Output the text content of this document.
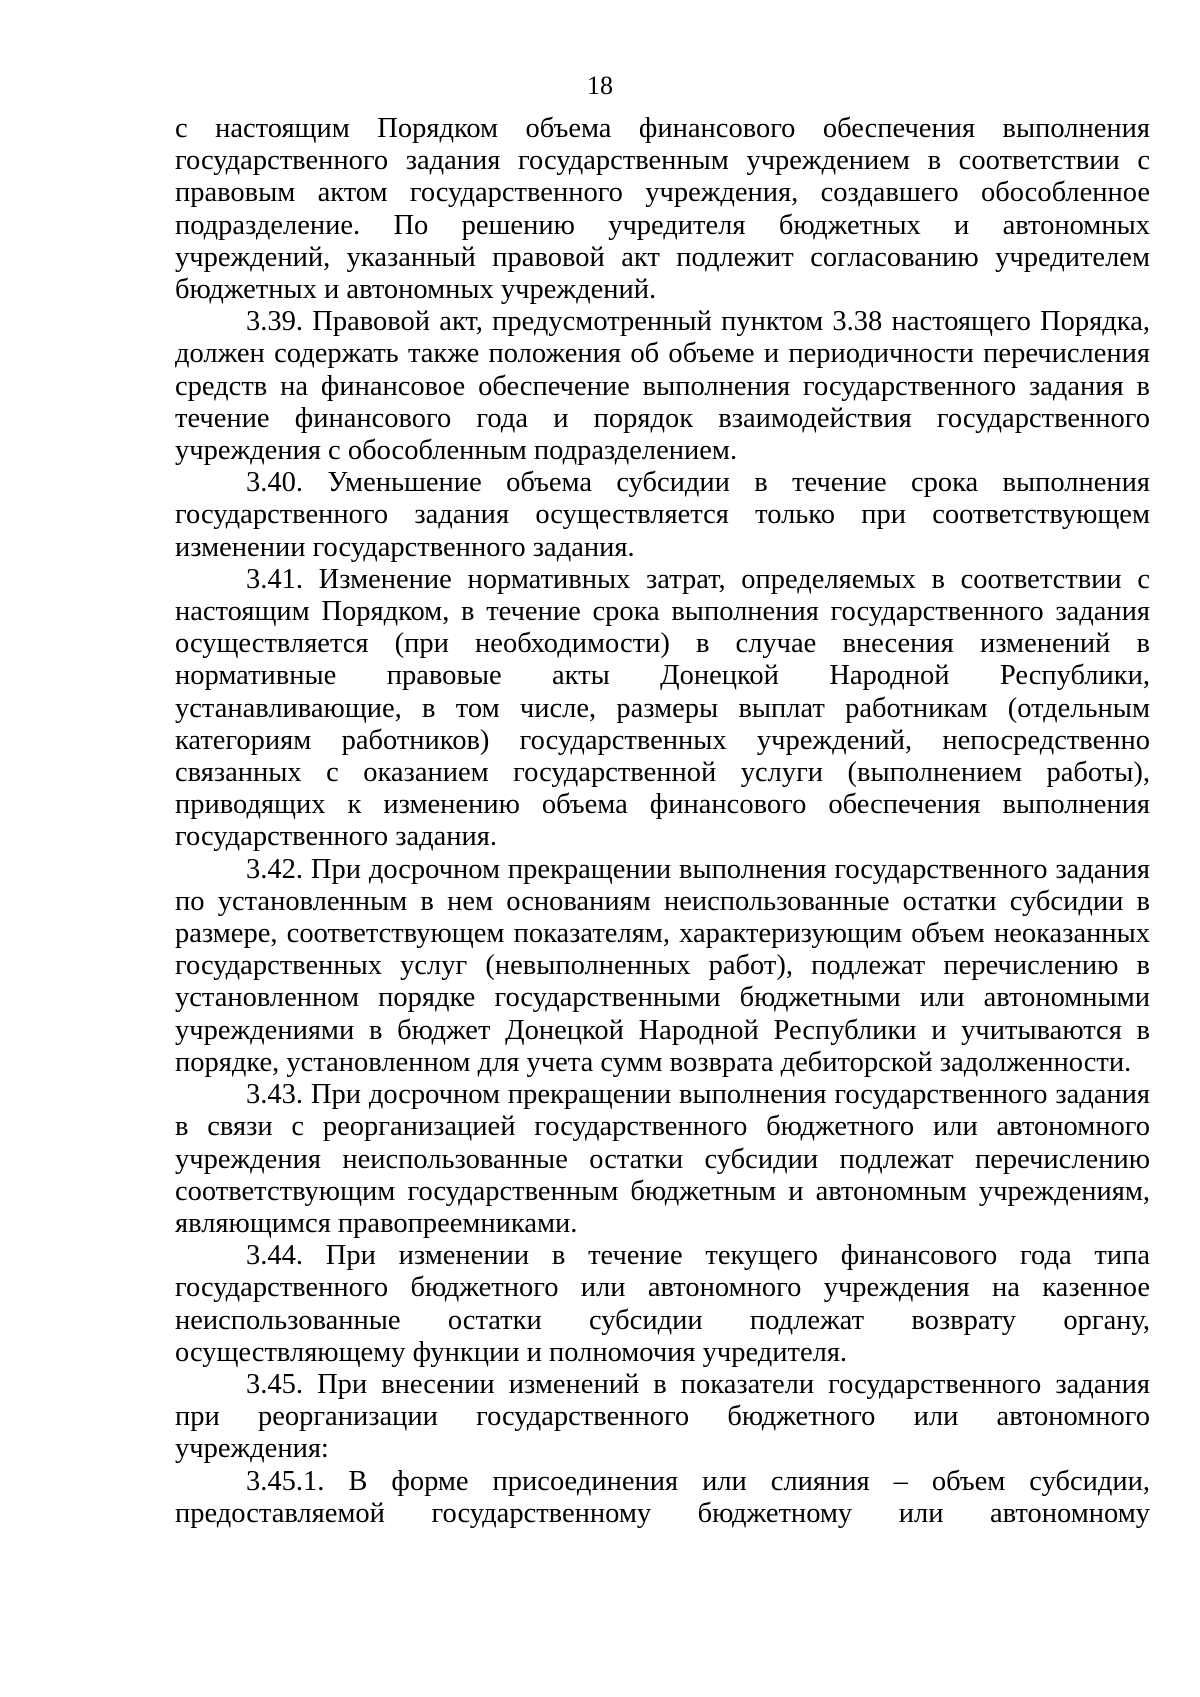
18

с настоящим Порядком объема финансового обеспечения выполнения государственного задания государственным учреждением в соответствии с правовым актом государственного учреждения, создавшего обособленное подразделение. По решению учредителя бюджетных и автономных учреждений, указанный правовой акт подлежит согласованию учредителем бюджетных и автономных учреждений.

3.39. Правовой акт, предусмотренный пунктом 3.38 настоящего Порядка, должен содержать также положения об объеме и периодичности перечисления средств на финансовое обеспечение выполнения государственного задания в течение финансового года и порядок взаимодействия государственного учреждения с обособленным подразделением.

3.40. Уменьшение объема субсидии в течение срока выполнения государственного задания осуществляется только при соответствующем изменении государственного задания.

3.41. Изменение нормативных затрат, определяемых в соответствии с настоящим Порядком, в течение срока выполнения государственного задания осуществляется (при необходимости) в случае внесения изменений в нормативные правовые акты Донецкой Народной Республики, устанавливающие, в том числе, размеры выплат работникам (отдельным категориям работников) государственных учреждений, непосредственно связанных с оказанием государственной услуги (выполнением работы), приводящих к изменению объема финансового обеспечения выполнения государственного задания.

3.42. При досрочном прекращении выполнения государственного задания по установленным в нем основаниям неиспользованные остатки субсидии в размере, соответствующем показателям, характеризующим объем неоказанных государственных услуг (невыполненных работ), подлежат перечислению в установленном порядке государственными бюджетными или автономными учреждениями в бюджет Донецкой Народной Республики и учитываются в порядке, установленном для учета сумм возврата дебиторской задолженности.

3.43. При досрочном прекращении выполнения государственного задания в связи с реорганизацией государственного бюджетного или автономного учреждения неиспользованные остатки субсидии подлежат перечислению соответствующим государственным бюджетным и автономным учреждениям, являющимся правопреемниками.

3.44. При изменении в течение текущего финансового года типа государственного бюджетного или автономного учреждения на казенное неиспользованные остатки субсидии подлежат возврату органу, осуществляющему функции и полномочия учредителя.

3.45. При внесении изменений в показатели государственного задания при реорганизации государственного бюджетного или автономного учреждения:

3.45.1. В форме присоединения или слияния – объем субсидии, предоставляемой государственному бюджетному или автономному
